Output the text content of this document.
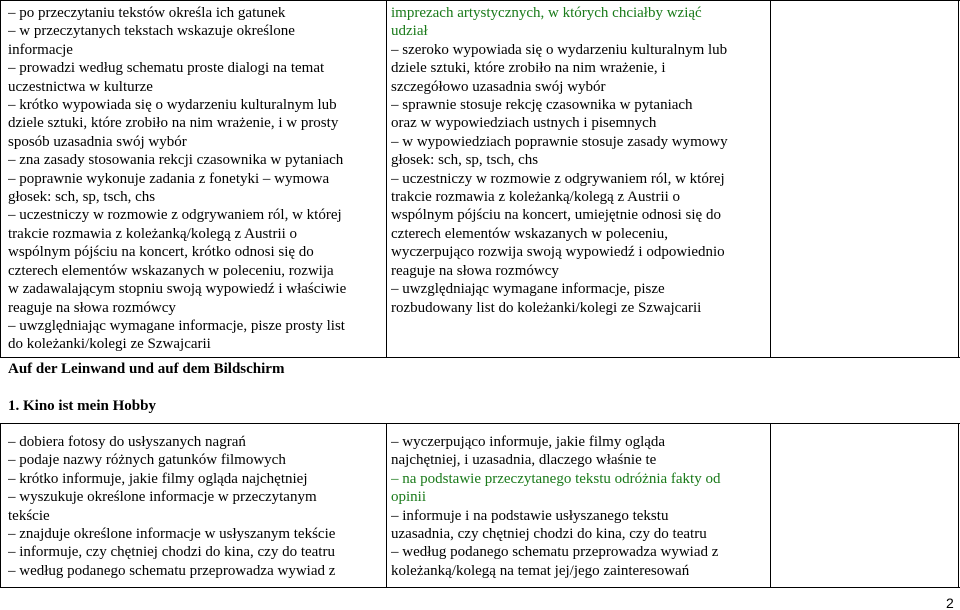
– po przeczytaniu tekstów określa ich gatunek

– w przeczytanych tekstach wskazuje określone

informacje

– prowadzi według schematu proste dialogi na temat

uczestnictwa w kulturze

– krótko wypowiada się o wydarzeniu kulturalnym lub

dziele sztuki, które zrobiło na nim wrażenie, i w prosty

sposób uzasadnia swój wybór

– zna zasady stosowania rekcji czasownika w pytaniach

– poprawnie wykonuje zadania z fonetyki – wymowa

głosek: sch, sp, tsch, chs

– uczestniczy w rozmowie z odgrywaniem ról, w której

trakcie rozmawia z koleżanką/kolegą z Austrii o

wspólnym pójściu na koncert, krótko odnosi się do

czterech elementów wskazanych w poleceniu, rozwija

w zadawalającym stopniu swoją wypowiedź i właściwie

reaguje na słowa rozmówcy

– uwzględniając wymagane informacje, pisze prosty list

do koleżanki/kolegi ze Szwajcarii

imprezach artystycznych, w których chciałby wziąć

udział

– szeroko wypowiada się o wydarzeniu kulturalnym lub

dziele sztuki, które zrobiło na nim wrażenie, i

szczegółowo uzasadnia swój wybór

– sprawnie stosuje rekcję czasownika w pytaniach

oraz w wypowiedziach ustnych i pisemnych

– w wypowiedziach poprawnie stosuje zasady wymowy

głosek: sch, sp, tsch, chs

– uczestniczy w rozmowie z odgrywaniem ról, w której

trakcie rozmawia z koleżanką/kolegą z Austrii o

wspólnym pójściu na koncert, umiejętnie odnosi się do

czterech elementów wskazanych w poleceniu,

wyczerpująco rozwija swoją wypowiedź i odpowiednio

reaguje na słowa rozmówcy

– uwzględniając wymagane informacje, pisze

rozbudowany list do koleżanki/kolegi ze Szwajcarii

Auf der Leinwand und auf dem Bildschirm

1. Kino ist mein Hobby

– dobiera fotosy do usłyszanych nagrań

– podaje nazwy różnych gatunków filmowych

– krótko informuje, jakie filmy ogląda najchętniej

– wyszukuje określone informacje w przeczytanym

tekście

– znajduje określone informacje w usłyszanym tekście

– informuje, czy chętniej chodzi do kina, czy do teatru

– według podanego schematu przeprowadza wywiad z

– wyczerpująco informuje, jakie filmy ogląda

najchętniej, i uzasadnia, dlaczego właśnie te

– na podstawie przeczytanego tekstu odróżnia fakty od

opinii

– informuje i na podstawie usłyszanego tekstu

uzasadnia, czy chętniej chodzi do kina, czy do teatru

– według podanego schematu przeprowadza wywiad z

koleżanką/kolegą na temat jej/jego zainteresowań

2
